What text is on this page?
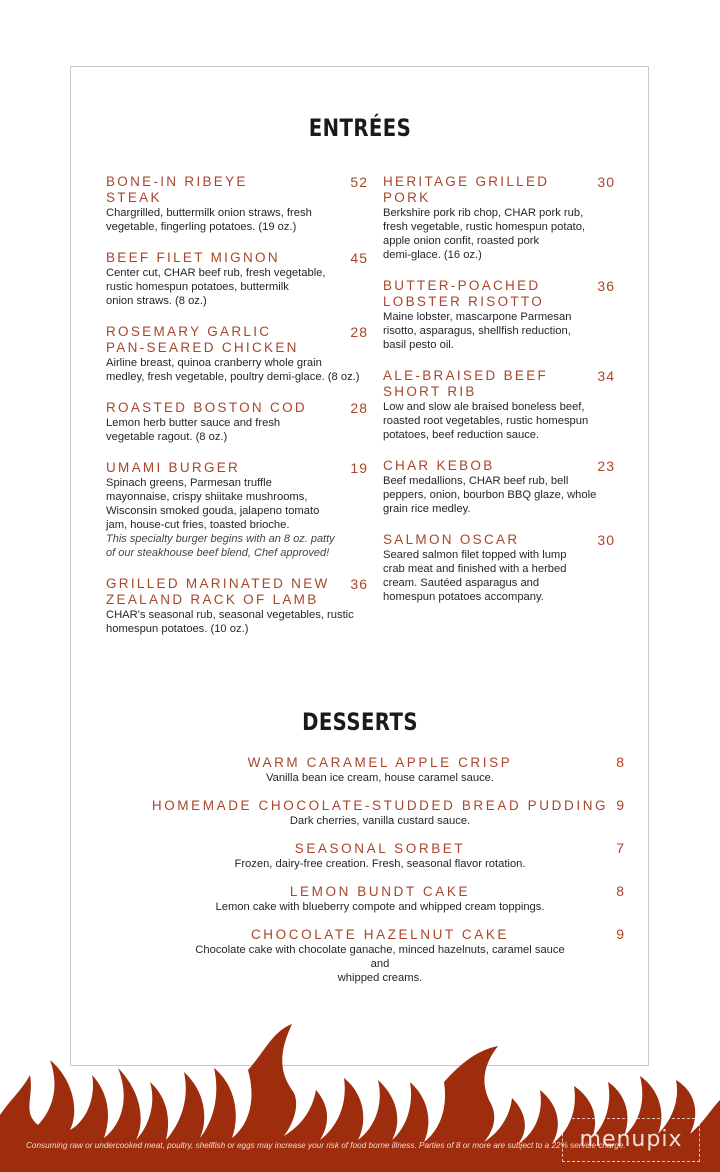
ENTRÉES
BONE-IN RIBEYE
STEAK
52
Chargrilled, buttermilk onion straws, fresh
vegetable, fingerling potatoes. (19 oz.)
BEEF FILET MIGNON	45
Center cut, CHAR beef rub, fresh vegetable,
rustic homespun potatoes, buttermilk
onion straws. (8 oz.)
ROSEMARY GARLIC
PAN-SEARED CHICKEN
28
Airline breast, quinoa cranberry whole grain
medley, fresh vegetable, poultry demi-glace. (8 oz.)
ROASTED BOSTON COD	28
Lemon herb butter sauce and fresh
vegetable ragout. (8 oz.)
UMAMI BURGER	19
Spinach greens, Parmesan truffle
mayonnaise, crispy shiitake mushrooms,
Wisconsin smoked gouda, jalapeno tomato
jam, house-cut fries, toasted brioche.
This specialty burger begins with an 8 oz. patty
of our steakhouse beef blend, Chef approved!
GRILLED MARINATED NEW
ZEALAND RACK OF LAMB
36
CHAR's seasonal rub, seasonal vegetables, rustic
homespun potatoes. (10 oz.)
HERITAGE GRILLED
PORK
30
Berkshire pork rib chop, CHAR pork rub,
fresh vegetable, rustic homespun potato,
apple onion confit, roasted pork
demi-glace. (16 oz.)
BUTTER-POACHED
LOBSTER RISOTTO
36
Maine lobster, mascarpone Parmesan
risotto, asparagus, shellfish reduction,
basil pesto oil.
ALE-BRAISED BEEF
SHORT RIB
34
Low and slow ale braised boneless beef,
roasted root vegetables, rustic homespun
potatoes, beef reduction sauce.
CHAR KEBOB	23
Beef medallions, CHAR beef rub, bell
peppers, onion, bourbon BBQ glaze, whole
grain rice medley.
SALMON OSCAR	30
Seared salmon filet topped with lump
crab meat and finished with a herbed
cream. Sautéed asparagus and
homespun potatoes accompany.
DESSERTS
WARM CARAMEL APPLE CRISP	8
Vanilla bean ice cream, house caramel sauce.
HOMEMADE CHOCOLATE-STUDDED BREAD PUDDING 9
Dark cherries, vanilla custard sauce.
SEASONAL SORBET	7
Frozen, dairy-free creation. Fresh, seasonal flavor rotation.
LEMON BUNDT CAKE	8
Lemon cake with blueberry compote and whipped cream toppings.
CHOCOLATE HAZELNUT CAKE	9
Chocolate cake with chocolate ganache, minced hazelnuts, caramel sauce and
whipped creams.
Consuming raw or undercooked meat, poultry, shellfish or eggs may increase your risk of food borne illness. Parties of 8 or more are subject to a 22% service charge.
menupix
